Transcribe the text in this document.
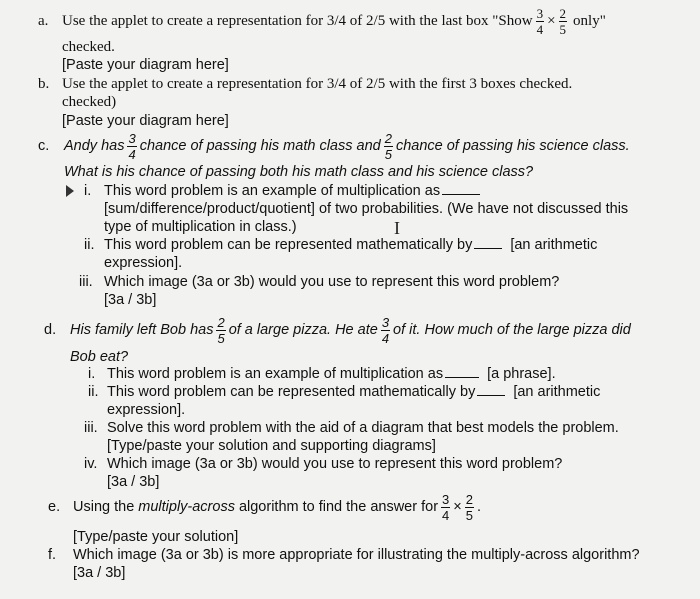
a. Use the applet to create a representation for 3/4 of 2/5 with the last box "Show $\frac{3}{4} \times \frac{2}{5}$ only"
checked.
[Paste your diagram here]
b. Use the applet to create a representation for 3/4 of 2/5 with the first 3 boxes checked.
checked)
[Paste your diagram here]
c. Andy has $\frac{3}{4}$ chance of passing his math class and $\frac{2}{5}$ chance of passing his science class.
What is his chance of passing both his math class and his science class?
i. This word problem is an example of multiplication as
[sum/difference/product/quotient] of two probabilities. (We have not discussed this
type of multiplication in class.)	I
ii. This word problem can be represented mathematically by	[an arithmetic
expression].
iii. Which image (3a or 3b) would you use to represent this word problem?
[3a / 3b]
d. His family left Bob has $\frac{2}{5}$ of a large pizza. He ate $\frac{3}{4}$ of it. How much of the large pizza did
Bob eat?
i. This word problem is an example of multiplication as	[a phrase].
ii. This word problem can be represented mathematically by	[an arithmetic
expression].
iii. Solve this word problem with the aid of a diagram that best models the problem.
[Type/paste your solution and supporting diagrams]
iv. Which image (3a or 3b) would you use to represent this word problem?
[3a / 3b]
e. Using the multiply-across algorithm to find the answer for $\frac{3}{4} \times \frac{2}{5}$ .
[Type/paste your solution]
f. Which image (3a or 3b) is more appropriate for illustrating the multiply-across algorithm?
[3a / 3b]
